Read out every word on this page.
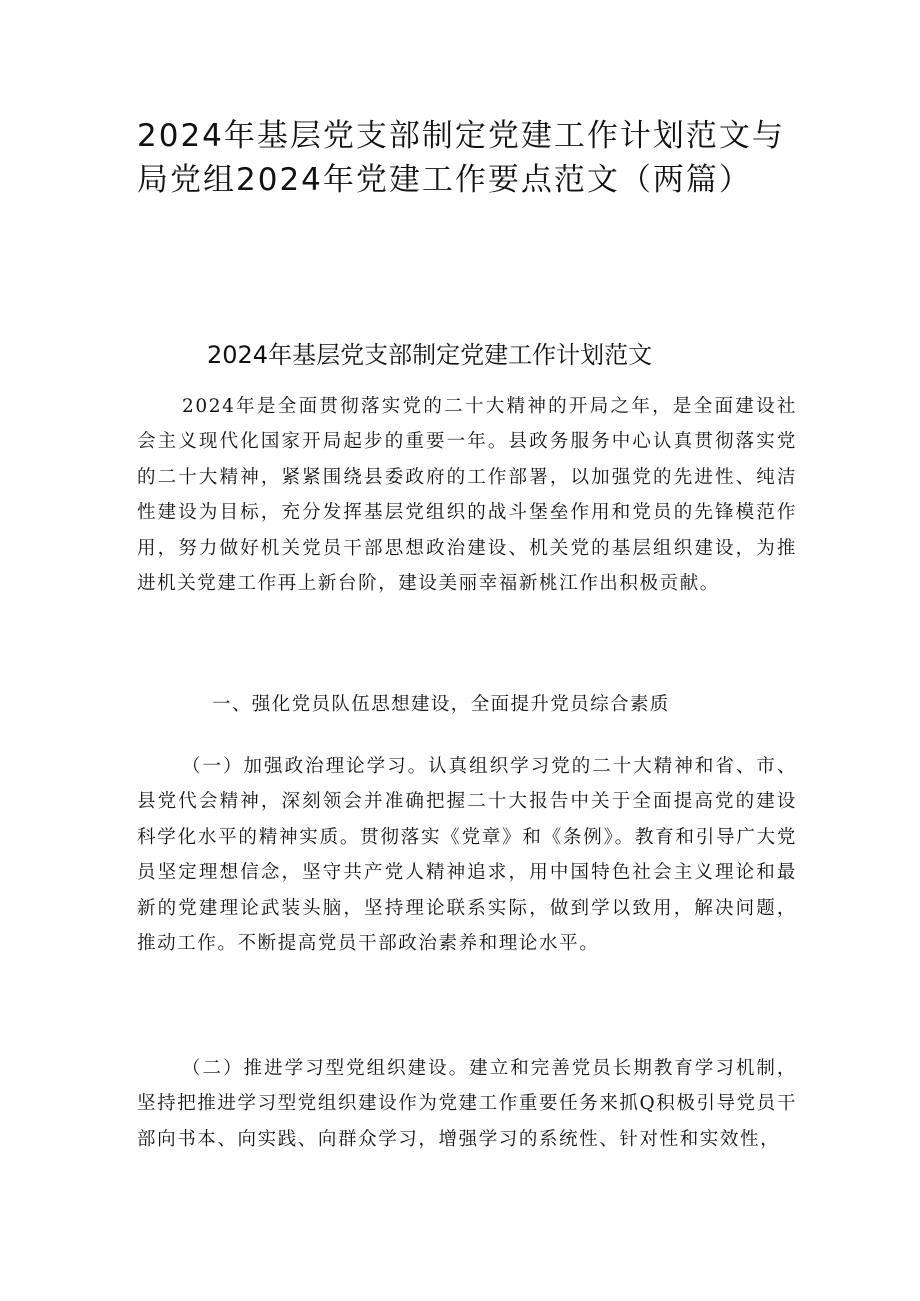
2024年基层党支部制定党建工作计划范文与局党组2024年党建工作要点范文（两篇）
2024年基层党支部制定党建工作计划范文

2024年是全面贯彻落实党的二十大精神的开局之年，是全面建设社会主义现代化国家开局起步的重要一年。县政务服务中心认真贯彻落实党的二十大精神，紧紧围绕县委政府的工作部署，以加强党的先进性、纯洁性建设为目标，充分发挥基层党组织的战斗堡垒作用和党员的先锋模范作用，努力做好机关党员干部思想政治建设、机关党的基层组织建设，为推进机关党建工作再上新台阶，建设美丽幸福新桃江作出积极贡献。

一、强化党员队伍思想建设，全面提升党员综合素质

（一）加强政治理论学习。认真组织学习党的二十大精神和省、市、县党代会精神，深刻领会并准确把握二十大报告中关于全面提高党的建设科学化水平的精神实质。贯彻落实《党章》和《条例》。教育和引导广大党员坚定理想信念，坚守共产党人精神追求，用中国特色社会主义理论和最新的党建理论武装头脑，坚持理论联系实际，做到学以致用，解决问题，推动工作。不断提高党员干部政治素养和理论水平。

（二）推进学习型党组织建设。建立和完善党员长期教育学习机制，坚持把推进学习型党组织建设作为党建工作重要任务来抓Q积极引导党员干部向书本、向实践、向群众学习，增强学习的系统性、针对性和实效性，
